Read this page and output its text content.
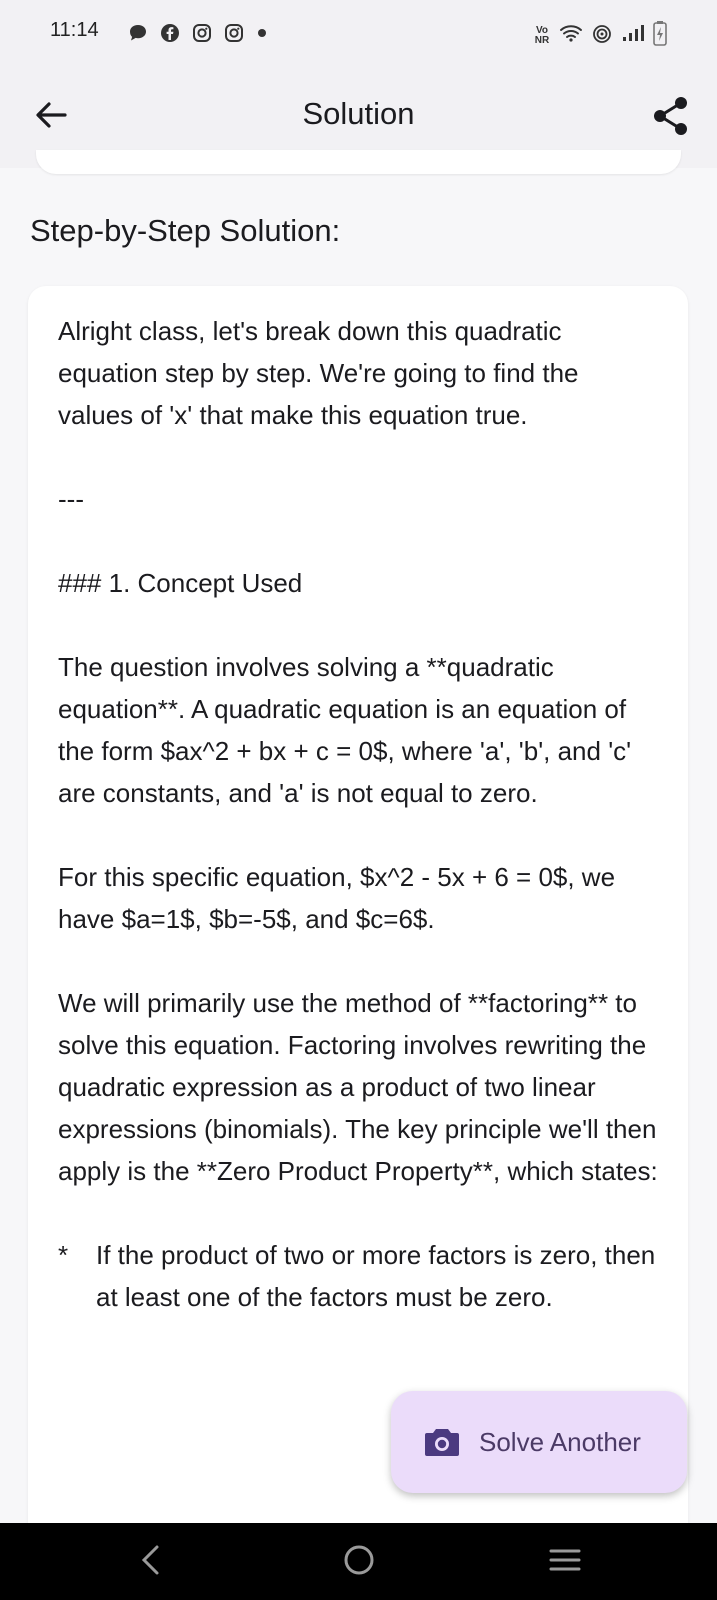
11:14	Vo NR
Solution
Step-by-Step Solution:

Alright class, let's break down this quadratic equation step by step. We're going to find the values of 'x' that make this equation true.

---

### 1. Concept Used

The question involves solving a **quadratic equation**. A quadratic equation is an equation of the form $ax^2 + bx + c = 0$, where 'a', 'b', and 'c' are constants, and 'a' is not equal to zero.

For this specific equation, $x^2 - 5x + 6 = 0$, we have $a=1$, $b=-5$, and $c=6$.

We will primarily use the method of **factoring** to solve this equation. Factoring involves rewriting the quadratic expression as a product of two linear expressions (binomials). The key principle we'll then apply is the **Zero Product Property**, which states:

*	If the product of two or more factors is zero, then at least one of the factors must be zero.
Solve Another
